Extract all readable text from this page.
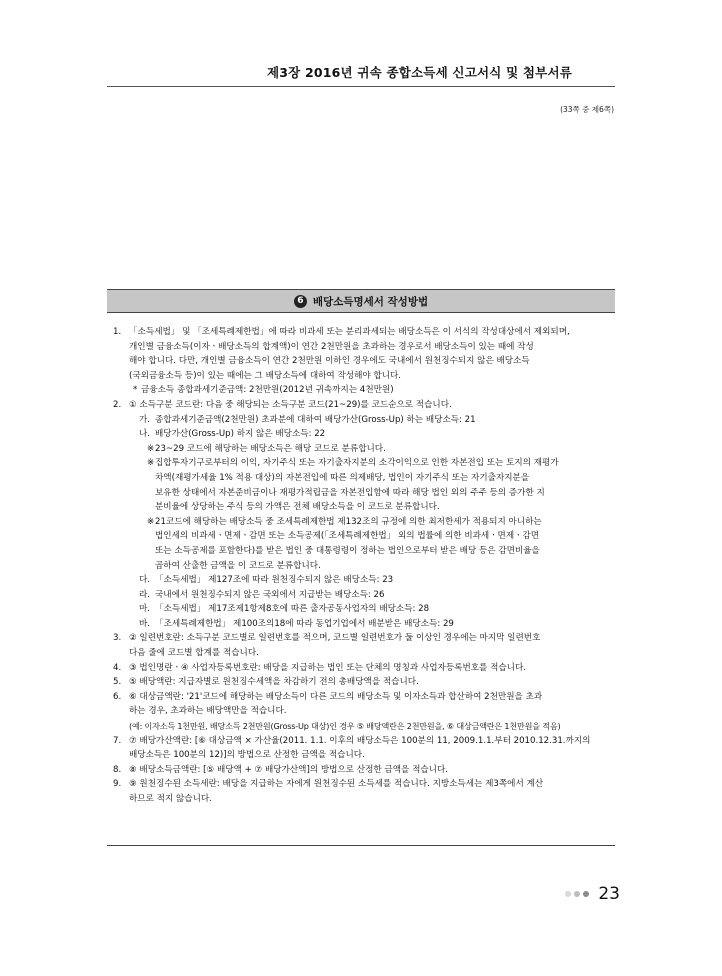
제3장 2016년 귀속 종합소득세 신고서식 및 첨부서류
(33쪽 중 제6쪽)
6 배당소득명세서 작성방법
1. 「소득세법」 및 「조세특례제한법」에 따라 비과세 또는 분리과세되는 배당소득은 이 서식의 작성대상에서 제외되며,
개인별 금융소득(이자ㆍ배당소득의 합계액)이 연간 2천만원을 초과하는 경우로서 배당소득이 있는 때에 작성
해야 합니다. 다만, 개인별 금융소득이 연간 2천만원 이하인 경우에도 국내에서 원천징수되지 않은 배당소득
(국외금융소득 등)이 있는 때에는 그 배당소득에 대하여 작성해야 합니다.
* 금융소득 종합과세기준금액: 2천만원(2012년 귀속까지는 4천만원)
2. ① 소득구분 코드란: 다음 중 해당되는 소득구분 코드(21~29)를 코드순으로 적습니다.
가. 종합과세기준금액(2천만원) 초과분에 대하여 배당가산(Gross-Up) 하는 배당소득: 21
나. 배당가산(Gross-Up) 하지 않은 배당소득: 22
※ 23~29 코드에 해당하는 배당소득은 해당 코드로 분류합니다.
※ 집합투자기구로부터의 이익, 자기주식 또는 자기출자지분의 소각이익으로 인한 자본전입 또는 토지의 재평가
차액(재평가세율 1% 적용 대상)의 자본전입에 따른 의제배당, 법인이 자기주식 또는 자기출자지분을
보유한 상태에서 자본준비금이나 재평가적립금을 자본전입함에 따라 해당 법인 외의 주주 등의 증가한 지
분비율에 상당하는 주식 등의 가액은 전체 배당소득을 이 코드로 분류합니다.
※ 21코드에 해당하는 배당소득 중 조세특례제한법 제132조의 규정에 의한 최저한세가 적용되지 아니하는
법인세의 비과세ㆍ면제ㆍ감면 또는 소득공제(「조세특례제한법」 외의 법률에 의한 비과세ㆍ면제ㆍ감면
또는 소득공제를 포함한다)를 받은 법인 중 대통령령이 정하는 법인으로부터 받은 배당 등은 감면비율을
곱하여 산출한 금액을 이 코드로 분류합니다.
다. 「소득세법」 제127조에 따라 원천징수되지 않은 배당소득: 23
라. 국내에서 원천징수되지 않은 국외에서 지급받는 배당소득: 26
마. 「소득세법」 제17조제1항제8호에 따른 출자공동사업자의 배당소득: 28
바. 「조세특례제한법」 제100조의18에 따라 동업기업에서 배분받은 배당소득: 29
3. ② 일련번호란: 소득구분 코드별로 일련번호를 적으며, 코드별 일련번호가 둘 이상인 경우에는 마지막 일련번호
다음 줄에 코드별 합계를 적습니다.
4. ③ 법인명란ㆍ④ 사업자등록번호란: 배당을 지급하는 법인 또는 단체의 명칭과 사업자등록번호를 적습니다.
5. ⑤ 배당액란: 지급자별로 원천징수세액을 차감하기 전의 총배당액을 적습니다.
6. ⑥ 대상금액란: '21'코드에 해당하는 배당소득이 다른 코드의 배당소득 및 이자소득과 합산하여 2천만원을 초과
하는 경우, 초과하는 배당액만을 적습니다.
(예: 이자소득 1천만원, 배당소득 2천만원(Gross-Up 대상)인 경우 ⑤ 배당액란은 2천만원을, ⑥ 대상금액란은 1천만원을 적음)
7. ⑦ 배당가산액란: [⑥ 대상금액 × 가산율(2011. 1.1. 이후의 배당소득은 100분의 11, 2009.1.1.부터 2010.12.31.까지의
배당소득은 100분의 12)]의 방법으로 산정한 금액을 적습니다.
8. ⑧ 배당소득금액란: [⑤ 배당액 + ⑦ 배당가산액]의 방법으로 산정한 금액을 적습니다.
9. ⑨ 원천징수된 소득세란: 배당을 지급하는 자에게 원천징수된 소득세를 적습니다. 지방소득세는 제3쪽에서 계산
하므로 적지 않습니다.
23
